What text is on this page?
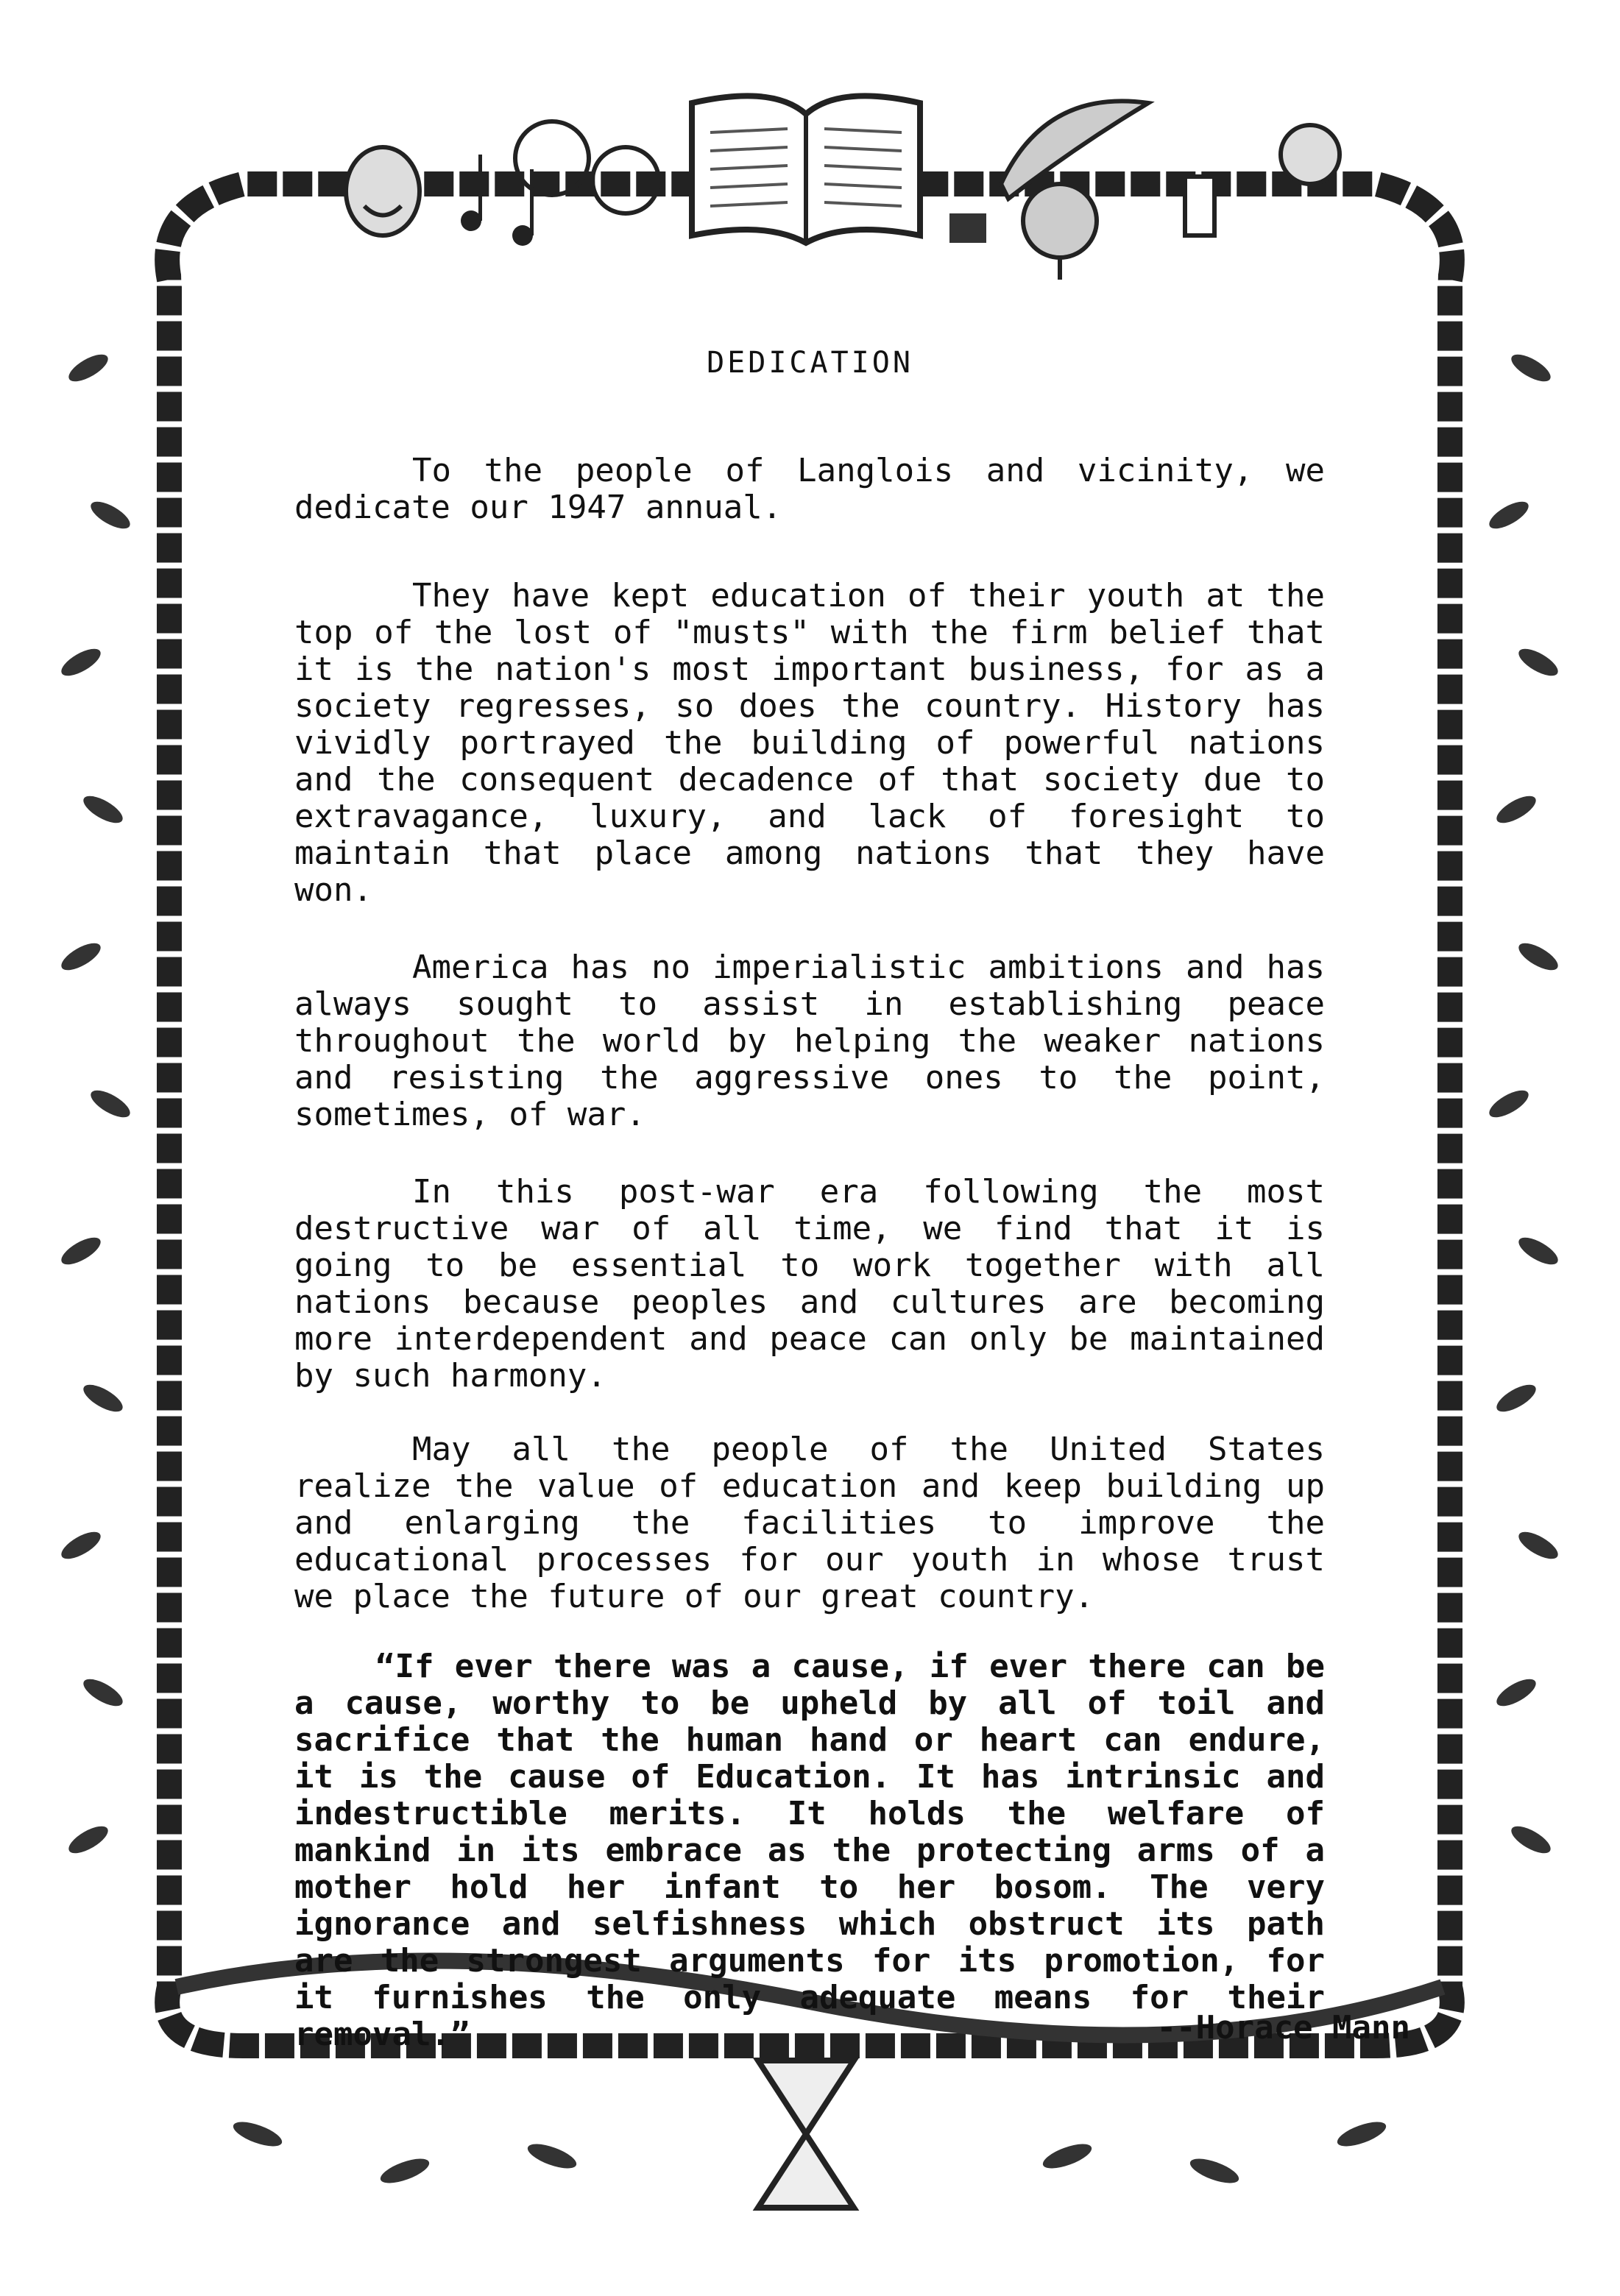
DEDICATION
To the people of Langlois and vicinity, we dedicate our 1947 annual.
They have kept education of their youth at the top of the lost of "musts" with the firm belief that it is the nation's most important business, for as a society regresses, so does the country. History has vividly portrayed the building of powerful nations and the consequent decadence of that society due to extravagance, luxury, and lack of foresight to maintain that place among nations that they have won.
America has no imperialistic ambitions and has always sought to assist in establishing peace throughout the world by helping the weaker nations and resisting the aggressive ones to the point, sometimes, of war.
In this post-war era following the most destructive war of all time, we find that it is going to be essential to work together with all nations because peoples and cultures are becoming more interdependent and peace can only be maintained by such harmony.
May all the people of the United States realize the value of education and keep building up and enlarging the facilities to improve the educational processes for our youth in whose trust we place the future of our great country.
“If ever there was a cause, if ever there can be a cause, worthy to be upheld by all of toil and sacrifice that the human hand or heart can endure, it is the cause of Education. It has intrinsic and indestructible merits. It holds the welfare of mankind in its embrace as the protecting arms of a mother hold her infant to her bosom. The very ignorance and selfishness which obstruct its path are the strongest arguments for its promotion, for it furnishes the only adequate means for their removal.”	--Horace Mann
